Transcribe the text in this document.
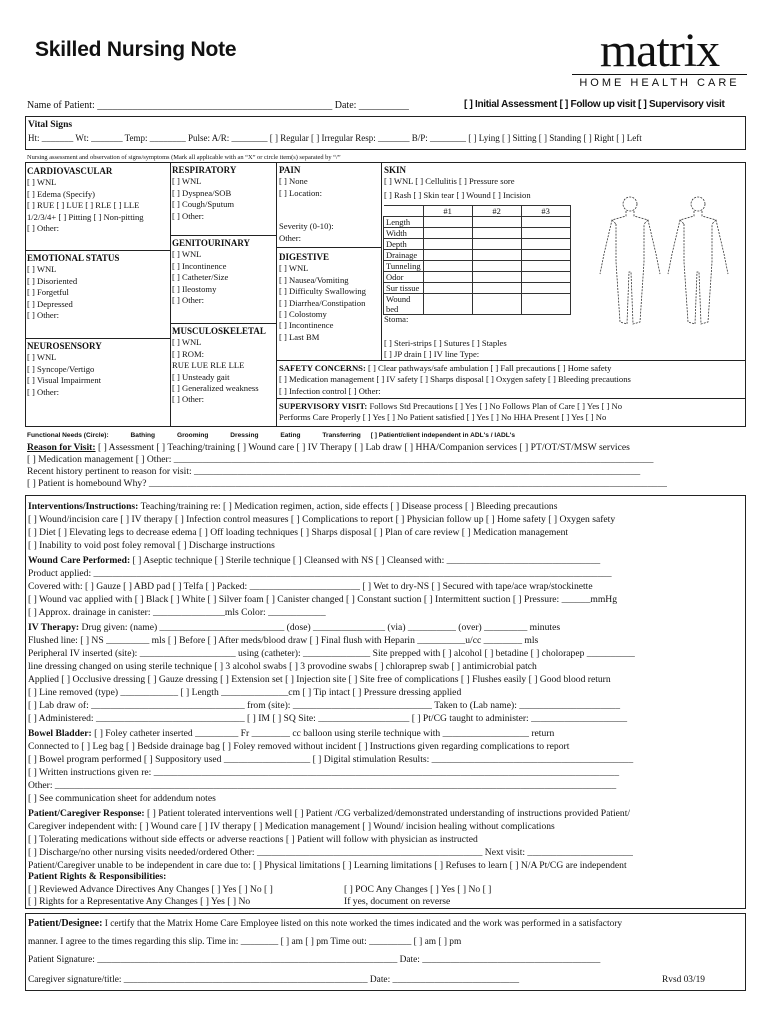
Skilled Nursing Note	matrix
HOME HEALTH CARE
Name of Patient: _______________________________________________ Date: __________	[ ] Initial Assessment [ ] Follow up visit [ ] Supervisory visit
Vital Signs
Ht: _______ Wt: _______ Temp: ________ Pulse: A/R: ________ [ ] Regular [ ] Irregular Resp: _______ B/P: ________ [ ] Lying [ ] Sitting [ ] Standing [ ] Right [ ] Left
Nursing assessment and observation of signs/symptoms (Mark all applicable with an “X” or circle item(s) separated by “/”
CARDIOVASCULAR
[ ] WNL
[ ] Edema (Specify)
[ ] RUE [ ] LUE [ ] RLE [ ] LLE
1/2/3/4+ [ ] Pitting [ ] Non-pitting
[ ] Other:
EMOTIONAL STATUS
[ ] WNL
[ ] Disoriented
[ ] Forgetful
[ ] Depressed
[ ] Other:
NEUROSENSORY
[ ] WNL
[ ] Syncope/Vertigo
[ ] Visual Impairment
[ ] Other:
RESPIRATORY
[ ] WNL
[ ] Dyspnea/SOB
[ ] Cough/Sputum
[ ] Other:
GENITOURINARY
[ ] WNL
[ ] Incontinence
[ ] Catheter/Size
[ ] Ileostomy
[ ] Other:
MUSCULOSKELETAL
[ ] WNL
[ ] ROM:
RUE LUE RLE LLE
[ ] Unsteady gait
[ ] Generalized weakness
[ ] Other:
PAIN
[ ] None
[ ] Location:
Severity (0-10):
Other:
DIGESTIVE
[ ] WNL
[ ] Nausea/Vomiting
[ ] Difficulty Swallowing
[ ] Diarrhea/Constipation
[ ] Colostomy
[ ] Incontinence
[ ] Last BM
SKIN
[ ] WNL [ ] Cellulitis [ ] Pressure sore
[ ] Rash [ ] Skin tear [ ] Wound [ ] Incision
	#1	#2	#3
Length			
Width			
Depth			
Drainage			
Tunneling			
Odor			
Sur tissue			
Wound bed			
Stoma:
[ ] Steri-strips [ ] Sutures [ ] Staples
[ ] JP drain [ ] IV line Type:
SAFETY CONCERNS: [ ] Clear pathways/safe ambulation [ ] Fall precautions [ ] Home safety
[ ] Medication management [ ] IV safety [ ] Sharps disposal [ ] Oxygen safety [ ] Bleeding precautions
[ ] Infection control [ ] Other:
SUPERVISORY VISIT: Follows Std Precautions [ ] Yes [ ] No Follows Plan of Care [ ] Yes [ ] No
Performs Care Properly [ ] Yes [ ] No Patient satisfied [ ] Yes [ ] No HHA Present [ ] Yes [ ] No
Functional Needs (Circle):	Bathing	Grooming	Dressing	Eating	Transferring [ ] Patient/client independent in ADL's / IADL's
Reason for Visit: [ ] Assessment [ ] Teaching/training [ ] Wound care [ ] IV Therapy [ ] Lab draw [ ] HHA/Companion services [ ] PT/OT/ST/MSW services
[ ] Medication management [ ] Other: ____________________________________________________________________________________________________
Recent history pertinent to reason for visit: _____________________________________________________________________________________________
[ ] Patient is homebound Why? ____________________________________________________________________________________________________________
Interventions/Instructions: Teaching/training re: [ ] Medication regimen, action, side effects [ ] Disease process [ ] Bleeding precautions
[ ] Wound/incision care [ ] IV therapy [ ] Infection control measures [ ] Complications to report [ ] Physician follow up [ ] Home safety [ ] Oxygen safety
[ ] Diet [ ] Elevating legs to decrease edema [ ] Off loading techniques [ ] Sharps disposal [ ] Plan of care review [ ] Medication management
[ ] Inability to void post foley removal [ ] Discharge instructions
Wound Care Performed: [ ] Aseptic technique [ ] Sterile technique [ ] Cleansed with NS [ ] Cleansed with: ________________________________
Product applied: ____________________________________________________________________________________________________________
Covered with: [ ] Gauze [ ] ABD pad [ ] Telfa [ ] Packed: _______________________ [ ] Wet to dry-NS [ ] Secured with tape/ace wrap/stockinette
[ ] Wound vac applied with [ ] Black [ ] White [ ] Silver foam [ ] Canister changed [ ] Constant suction [ ] Intermittent suction [ ] Pressure: ______mmHg
[ ] Approx. drainage in canister: _______________mls Color: ____________
IV Therapy: Drug given: (name) __________________________ (dose) _______________ (via) __________ (over) _________ minutes
Flushed line: [ ] NS _________ mls [ ] Before [ ] After meds/blood draw [ ] Final flush with Heparin __________u/cc ________ mls
Peripheral IV inserted (site): ____________________ using (catheter): ______________ Site prepped with [ ] alcohol [ ] betadine [ ] cholorapep __________
line dressing changed on using sterile technique [ ] 3 alcohol swabs [ ] 3 provodine swabs [ ] chloraprep swab [ ] antimicrobial patch
Applied [ ] Occlusive dressing [ ] Gauze dressing [ ] Extension set [ ] Injection site [ ] Site free of complications [ ] Flushes easily [ ] Good blood return
[ ] Line removed (type) ____________ [ ] Length ______________cm [ ] Tip intact [ ] Pressure dressing applied
[ ] Lab draw of: ________________________________ from (site): _____________________________ Taken to (Lab name): _____________________
[ ] Administered: _______________________________ [ ] IM [ ] SQ Site: ___________________ [ ] Pt/CG taught to administer: ____________________
Bowel Bladder: [ ] Foley catheter inserted _________ Fr ________ cc balloon using sterile technique with __________________ return
Connected to [ ] Leg bag [ ] Bedside drainage bag [ ] Foley removed without incident [ ] Instructions given regarding complications to report
[ ] Bowel program performed [ ] Suppository used __________________ [ ] Digital stimulation Results: __________________________________________
[ ] Written instructions given re: _________________________________________________________________________________________________
Other: _____________________________________________________________________________________________________________________
[ ] See communication sheet for addendum notes
Patient/Caregiver Response: [ ] Patient tolerated interventions well [ ] Patient /CG verbalized/demonstrated understanding of instructions provided Patient/
Caregiver independent with: [ ] Wound care [ ] IV therapy [ ] Medication management [ ] Wound/ incision healing without complications
[ ] Tolerating medications without side effects or adverse reactions [ ] Patient will follow with physician as instructed
[ ] Discharge/no other nursing visits needed/ordered Other: _______________________________________________ Next visit: ______________________
Patient/Caregiver unable to be independent in care due to: [ ] Physical limitations [ ] Learning limitations [ ] Refuses to learn [ ] N/A Pt/CG are independent
Patient Rights & Responsibilities:
[ ] Reviewed Advance Directives Any Changes [ ] Yes [ ] No [ ]	[ ] POC Any Changes [ ] Yes [ ] No [ ]
[ ] Rights for a Representative Any Changes [ ] Yes [ ] No	If yes, document on reverse
Patient/Designee: I certify that the Matrix Home Care Employee listed on this note worked the times indicated and the work was performed in a satisfactory
manner. I agree to the times regarding this slip. Time in: ________ [ ] am [ ] pm Time out: _________ [ ] am [ ] pm
Patient Signature: ________________________________________________________________ Date: ______________________________________
Caregiver signature/title: ____________________________________________________ Date: ___________________________	Rvsd 03/19
